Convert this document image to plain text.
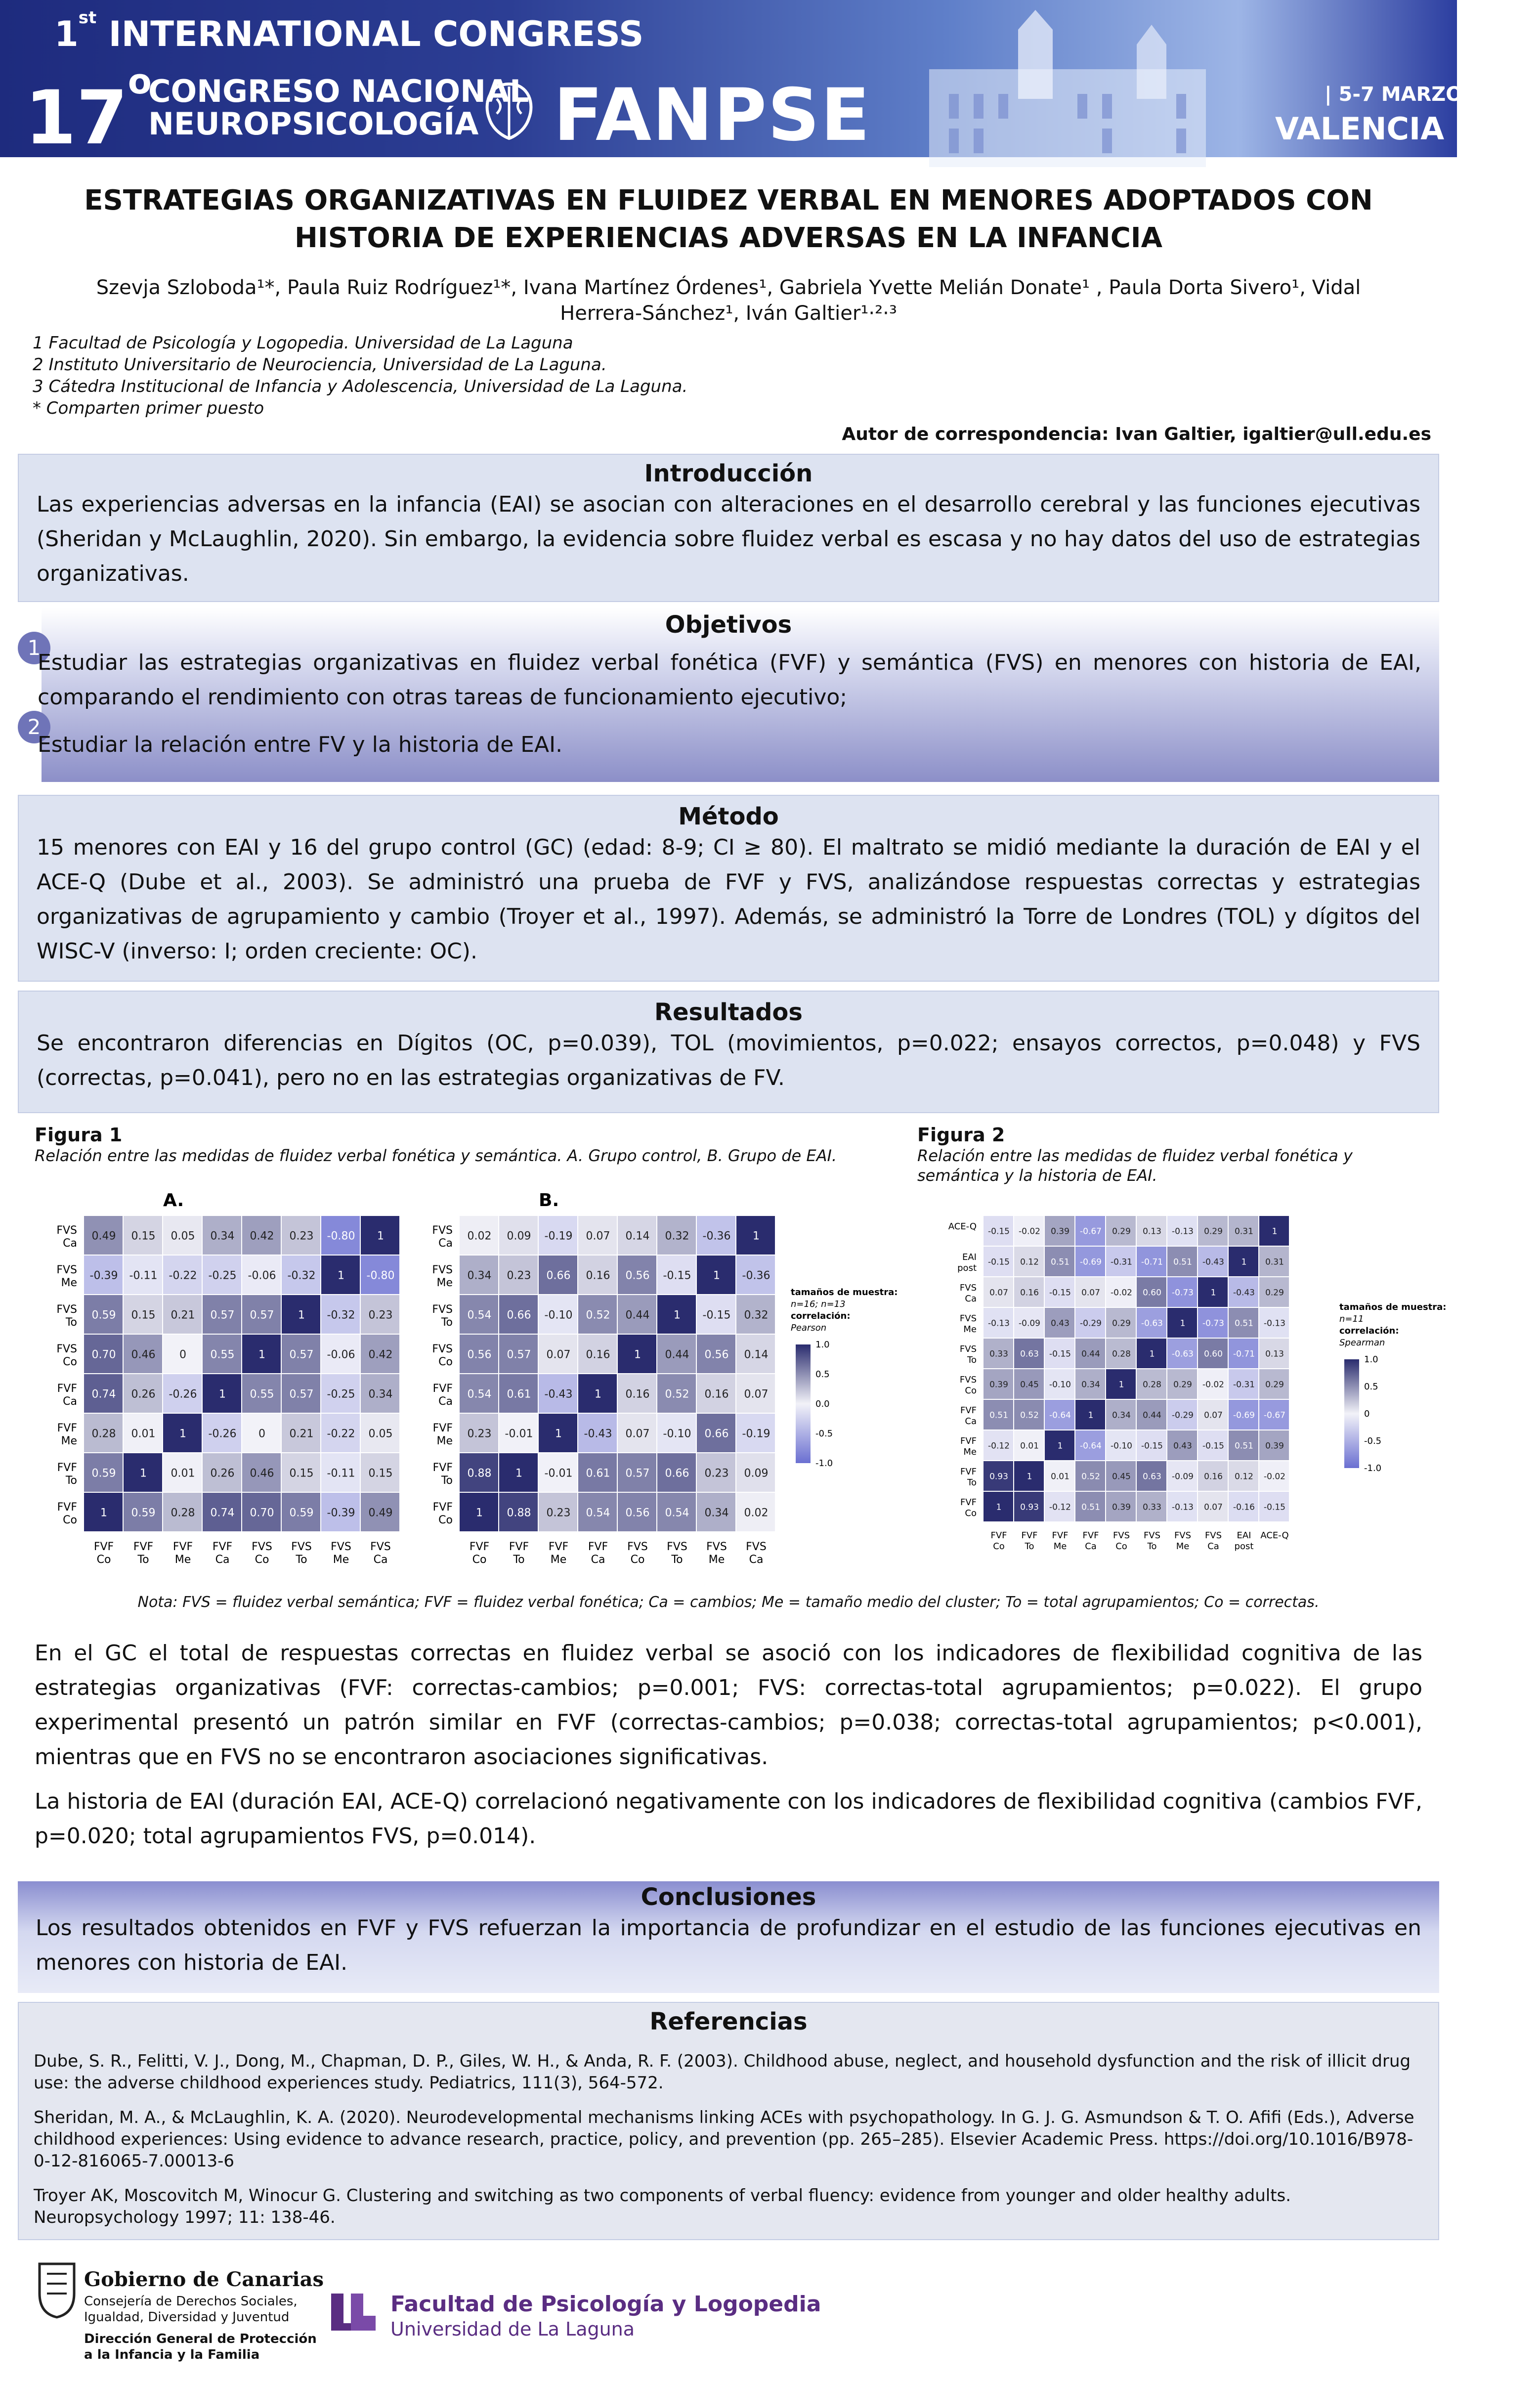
1st INTERNATIONAL CONGRESS
17$^o$
CONGRESO NACIONAL
NEUROPSICOLOGÍA	FANPSE	| 5-7 MARZO
VALENCIA 2026
ESTRATEGIAS ORGANIZATIVAS EN FLUIDEZ VERBAL EN MENORES ADOPTADOS CON HISTORIA DE EXPERIENCIAS ADVERSAS EN LA INFANCIA
Szevja Szloboda¹*, Paula Ruiz Rodríguez¹*, Ivana Martínez Órdenes¹, Gabriela Yvette Melián Donate¹ , Paula Dorta Sivero¹, Vidal Herrera-Sánchez¹, Iván Galtier¹·²·³
1 Facultad de Psicología y Logopedia. Universidad de La Laguna
2 Instituto Universitario de Neurociencia, Universidad de La Laguna.
3 Cátedra Institucional de Infancia y Adolescencia, Universidad de La Laguna.
* Comparten primer puesto
Autor de correspondencia: Ivan Galtier, igaltier@ull.edu.es
Introducción
Las experiencias adversas en la infancia (EAI) se asocian con alteraciones en el desarrollo cerebral y las funciones ejecutivas (Sheridan y McLaughlin, 2020). Sin embargo, la evidencia sobre fluidez verbal es escasa y no hay datos del uso de estrategias organizativas.
Objetivos
1
Estudiar las estrategias organizativas en fluidez verbal fonética (FVF) y semántica (FVS) en menores con historia de EAI, comparando el rendimiento con otras tareas de funcionamiento ejecutivo;
2
Estudiar la relación entre FV y la historia de EAI.
Método
15 menores con EAI y 16 del grupo control (GC) (edad: 8-9; CI ≥ 80). El maltrato se midió mediante la duración de EAI y el ACE-Q (Dube et al., 2003). Se administró una prueba de FVF y FVS, analizándose respuestas correctas y estrategias organizativas de agrupamiento y cambio (Troyer et al., 1997). Además, se administró la Torre de Londres (TOL) y dígitos del WISC-V (inverso: I; orden creciente: OC).
Resultados
Se encontraron diferencias en Dígitos (OC, p=0.039), TOL (movimientos, p=0.022; ensayos correctos, p=0.048) y FVS (correctas, p=0.041), pero no en las estrategias organizativas de FV.
Figura 1
Relación entre las medidas de fluidez verbal fonética y semántica. A. Grupo control, B. Grupo de EAI.
Figura 2
Relación entre las medidas de fluidez verbal fonética y semántica y la historia de EAI.
A.
FVS Ca
FVS Me
FVS To
FVS Co
FVF Ca
FVF Me
FVF To
FVF Co
FVF Co
FVF To
FVF Me
FVF Ca
FVS Co
FVS To
FVS Me
FVS Ca
0.49 0.15 0.05 0.34 0.42 0.23 -0.80 1
-0.39 -0.11 -0.22 -0.25 -0.06 -0.32 1 -0.80
0.59 0.15 0.21 0.57 0.57 1 -0.32 0.23
0.70 0.46 0 0.55 1 0.57 -0.06 0.42
0.74 0.26 -0.26 1 0.55 0.57 -0.25 0.34
0.28 0.01 1 -0.26 0 0.21 -0.22 0.05
0.59 1 0.01 0.26 0.46 0.15 -0.11 0.15
1 0.59 0.28 0.74 0.70 0.59 -0.39 0.49
B.
FVS Ca
FVS Me
FVS To
FVS Co
FVF Ca
FVF Me
FVF To
FVF Co
FVF Co
FVF To
FVF Me
FVF Ca
FVS Co
FVS To
FVS Me
FVS Ca
0.02 0.09 -0.19 0.07 0.14 0.32 -0.36 1
0.34 0.23 0.66 0.16 0.56 -0.15 1 -0.36
0.54 0.66 -0.10 0.52 0.44 1 -0.15 0.32
0.56 0.57 0.07 0.16 1 0.44 0.56 0.14
0.54 0.61 -0.43 1 0.16 0.52 0.16 0.07
0.23 -0.01 1 -0.43 0.07 -0.10 0.66 -0.19
0.88 1 -0.01 0.61 0.57 0.66 0.23 0.09
1 0.88 0.23 0.54 0.56 0.54 0.34 0.02
tamaños de muestra:
n=16; n=13
correlación:
Pearson
1.0
0.5
0.0
-0.5
-1.0
ACE-Q
EAI post
FVS Ca
FVS Me
FVS To
FVS Co
FVF Ca
FVF Me
FVF To
FVF Co
FVF Co
FVF To
FVF Me
FVF Ca
FVS Co
FVS To
FVS Me
FVS Ca
EAI post
ACE-Q
-0.15 -0.02 0.39 -0.67 0.29 0.13 -0.13 0.29 0.31 1
-0.15 0.12 0.51 -0.69 -0.31 -0.71 0.51 -0.43 1 0.31
0.07 0.16 -0.15 0.07 -0.02 0.60 -0.73 1 -0.43 0.29
-0.13 -0.09 0.43 -0.29 0.29 -0.63 1 -0.73 0.51 -0.13
0.33 0.63 -0.15 0.44 0.28 1 -0.63 0.60 -0.71 0.13
0.39 0.45 -0.10 0.34 1 0.28 0.29 -0.02 -0.31 0.29
0.51 0.52 -0.64 1 0.34 0.44 -0.29 0.07 -0.69 -0.67
-0.12 0.01 1 -0.64 -0.10 -0.15 0.43 -0.15 0.51 0.39
0.93 1 0.01 0.52 0.45 0.63 -0.09 0.16 0.12 -0.02
1 0.93 -0.12 0.51 0.39 0.33 -0.13 0.07 -0.16 -0.15
tamaños de muestra:
n=11
correlación:
Spearman
1.0
0.5
0
-0.5
-1.0
Nota: FVS = fluidez verbal semántica; FVF = fluidez verbal fonética; Ca = cambios; Me = tamaño medio del cluster; To = total agrupamientos; Co = correctas.

En el GC el total de respuestas correctas en fluidez verbal se asoció con los indicadores de flexibilidad cognitiva de las estrategias organizativas (FVF: correctas-cambios; p=0.001; FVS: correctas-total agrupamientos; p=0.022). El grupo experimental presentó un patrón similar en FVF (correctas-cambios; p=0.038; correctas-total agrupamientos; p<0.001), mientras que en FVS no se encontraron asociaciones significativas.

La historia de EAI (duración EAI, ACE-Q) correlacionó negativamente con los indicadores de flexibilidad cognitiva (cambios FVF, p=0.020; total agrupamientos FVS, p=0.014).

Conclusiones
Los resultados obtenidos en FVF y FVS refuerzan la importancia de profundizar en el estudio de las funciones ejecutivas en menores con historia de EAI.
Referencias
Dube, S. R., Felitti, V. J., Dong, M., Chapman, D. P., Giles, W. H., & Anda, R. F. (2003). Childhood abuse, neglect, and household dysfunction and the risk of illicit drug use: the adverse childhood experiences study. Pediatrics, 111(3), 564-572.
Sheridan, M. A., & McLaughlin, K. A. (2020). Neurodevelopmental mechanisms linking ACEs with psychopathology. In G. J. G. Asmundson & T. O. Afifi (Eds.), Adverse childhood experiences: Using evidence to advance research, practice, policy, and prevention (pp. 265–285). Elsevier Academic Press. https://doi.org/10.1016/B978-0-12-816065-7.00013-6
Troyer AK, Moscovitch M, Winocur G. Clustering and switching as two components of verbal fluency: evidence from younger and older healthy adults. Neuropsychology 1997; 11: 138-46.
Gobierno de Canarias
Consejería de Derechos Sociales,
Igualdad, Diversidad y Juventud
Dirección General de Protección
a la Infancia y la Familia
Facultad de Psicología y Logopedia
Universidad de La Laguna
